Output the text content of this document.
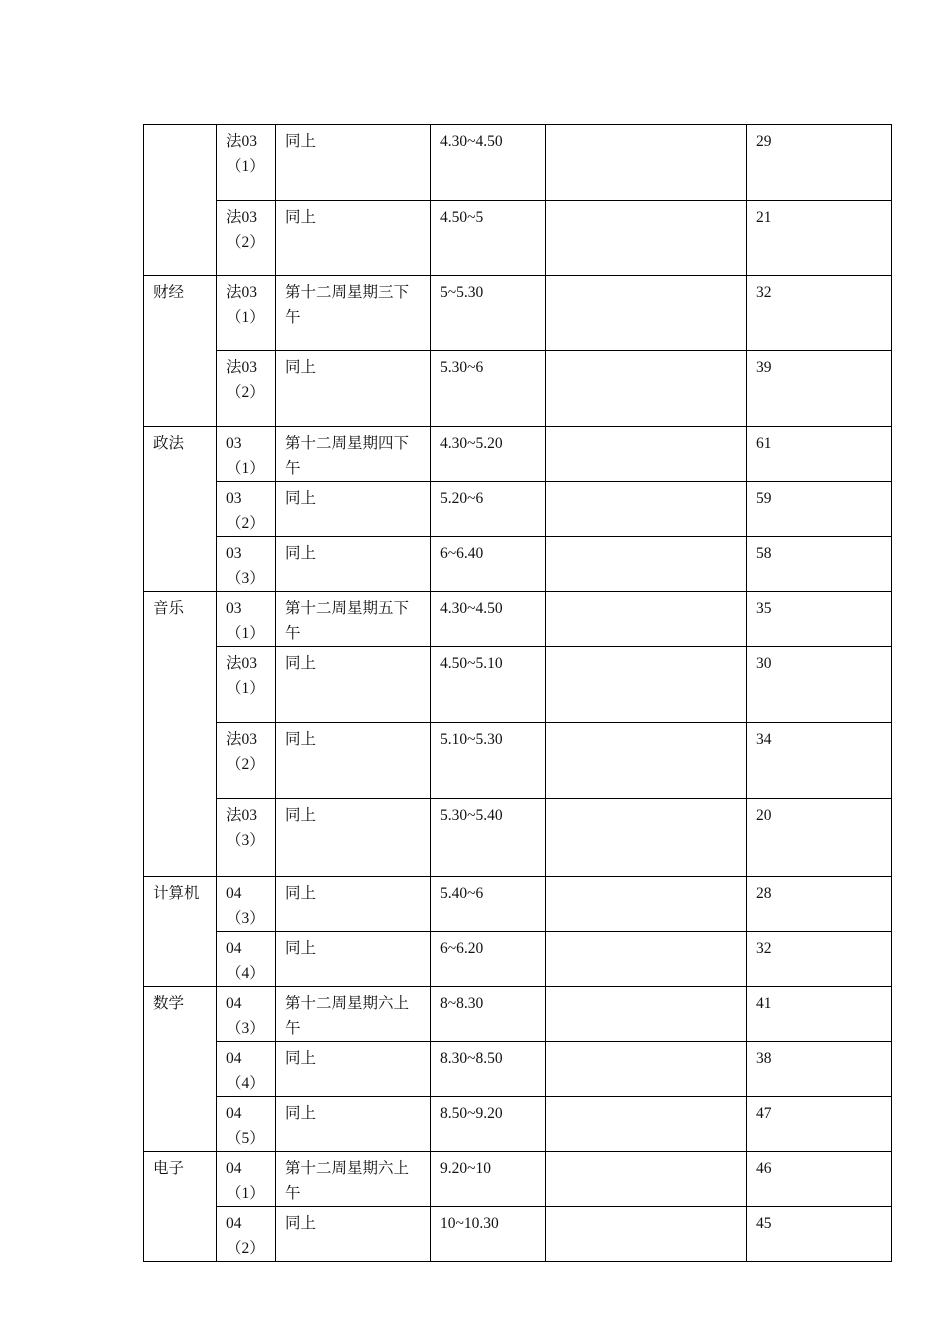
	法03（1）	同上	4.30~4.50		29
	法03（2）	同上	4.50~5		21
财经	法03（1）	第十二周星期三下午	5~5.30		32
	法03（2）	同上	5.30~6		39
政法	03（1）	第十二周星期四下午	4.30~5.20		61
	03（2）	同上	5.20~6		59
	03（3）	同上	6~6.40		58
音乐	03（1）	第十二周星期五下午	4.30~4.50		35
	法03（1）	同上	4.50~5.10		30
	法03（2）	同上	5.10~5.30		34
	法03（3）	同上	5.30~5.40		20
计算机	04（3）	同上	5.40~6		28
	04（4）	同上	6~6.20		32
数学	04（3）	第十二周星期六上午	8~8.30		41
	04（4）	同上	8.30~8.50		38
	04（5）	同上	8.50~9.20		47
电子	04（1）	第十二周星期六上午	9.20~10		46
	04（2）	同上	10~10.30		45
